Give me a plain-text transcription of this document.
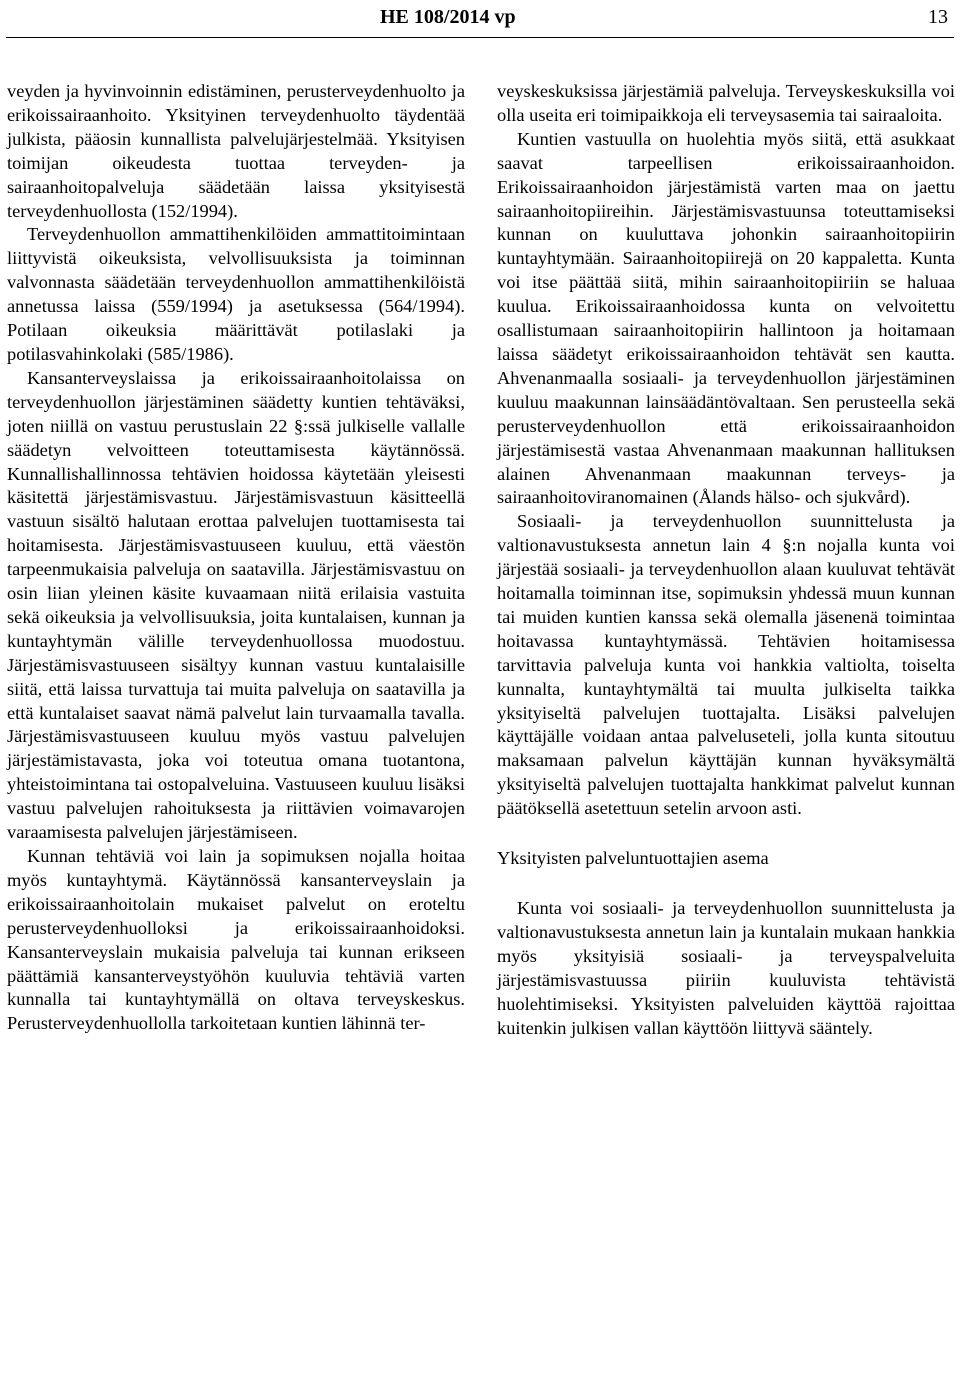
HE 108/2014 vp	13

veyden ja hyvinvoinnin edistäminen, perusterveydenhuolto ja erikoissairaanhoito. Yksityinen terveydenhuolto täydentää julkista, pääosin kunnallista palvelujärjestelmää. Yksityisen toimijan oikeudesta tuottaa terveyden- ja sairaanhoitopalveluja säädetään laissa yksityisestä terveydenhuollosta (152/1994).

Terveydenhuollon ammattihenkilöiden ammattitoimintaan liittyvistä oikeuksista, velvollisuuksista ja toiminnan valvonnasta säädetään terveydenhuollon ammattihenkilöistä annetussa laissa (559/1994) ja asetuksessa (564/1994). Potilaan oikeuksia määrittävät potilaslaki ja potilasvahinkolaki (585/1986).

Kansanterveyslaissa ja erikoissairaanhoitolaissa on terveydenhuollon järjestäminen säädetty kuntien tehtäväksi, joten niillä on vastuu perustuslain 22 §:ssä julkiselle vallalle säädetyn velvoitteen toteuttamisesta käytännössä. Kunnallishallinnossa tehtävien hoidossa käytetään yleisesti käsitettä järjestämisvastuu. Järjestämisvastuun käsitteellä vastuun sisältö halutaan erottaa palvelujen tuottamisesta tai hoitamisesta. Järjestämisvastuuseen kuuluu, että väestön tarpeenmukaisia palveluja on saatavilla. Järjestämisvastuu on osin liian yleinen käsite kuvaamaan niitä erilaisia vastuita sekä oikeuksia ja velvollisuuksia, joita kuntalaisen, kunnan ja kuntayhtymän välille terveydenhuollossa muodostuu. Järjestämisvastuuseen sisältyy kunnan vastuu kuntalaisille siitä, että laissa turvattuja tai muita palveluja on saatavilla ja että kuntalaiset saavat nämä palvelut lain turvaamalla tavalla. Järjestämisvastuuseen kuuluu myös vastuu palvelujen järjestämistavasta, joka voi toteutua omana tuotantona, yhteistoimintana tai ostopalveluina. Vastuuseen kuuluu lisäksi vastuu palvelujen rahoituksesta ja riittävien voimavarojen varaamisesta palvelujen järjestämiseen.

Kunnan tehtäviä voi lain ja sopimuksen nojalla hoitaa myös kuntayhtymä. Käytännössä kansanterveyslain ja erikoissairaanhoitolain mukaiset palvelut on eroteltu perusterveydenhuolloksi ja erikoissairaanhoidoksi. Kansanterveyslain mukaisia palveluja tai kunnan erikseen päättämiä kansanterveystyöhön kuuluvia tehtäviä varten kunnalla tai kuntayhtymällä on oltava terveyskeskus. Perusterveydenhuollolla tarkoitetaan kuntien lähinnä ter-

veyskeskuksissa järjestämiä palveluja. Terveyskeskuksilla voi olla useita eri toimipaikkoja eli terveysasemia tai sairaaloita.

Kuntien vastuulla on huolehtia myös siitä, että asukkaat saavat tarpeellisen erikoissairaanhoidon. Erikoissairaanhoidon järjestämistä varten maa on jaettu sairaanhoitopiireihin. Järjestämisvastuunsa toteuttamiseksi kunnan on kuuluttava johonkin sairaanhoitopiirin kuntayhtymään. Sairaanhoitopiirejä on 20 kappaletta. Kunta voi itse päättää siitä, mihin sairaanhoitopiiriin se haluaa kuulua. Erikoissairaanhoidossa kunta on velvoitettu osallistumaan sairaanhoitopiirin hallintoon ja hoitamaan laissa säädetyt erikoissairaanhoidon tehtävät sen kautta. Ahvenanmaalla sosiaali- ja terveydenhuollon järjestäminen kuuluu maakunnan lainsäädäntövaltaan. Sen perusteella sekä perusterveydenhuollon että erikoissairaanhoidon järjestämisestä vastaa Ahvenanmaan maakunnan hallituksen alainen Ahvenanmaan maakunnan terveys- ja sairaanhoitoviranomainen (Ålands hälso- och sjukvård).

Sosiaali- ja terveydenhuollon suunnittelusta ja valtionavustuksesta annetun lain 4 §:n nojalla kunta voi järjestää sosiaali- ja terveydenhuollon alaan kuuluvat tehtävät hoitamalla toiminnan itse, sopimuksin yhdessä muun kunnan tai muiden kuntien kanssa sekä olemalla jäsenenä toimintaa hoitavassa kuntayhtymässä. Tehtävien hoitamisessa tarvittavia palveluja kunta voi hankkia valtiolta, toiselta kunnalta, kuntayhtymältä tai muulta julkiselta taikka yksityiseltä palvelujen tuottajalta. Lisäksi palvelujen käyttäjälle voidaan antaa palveluseteli, jolla kunta sitoutuu maksamaan palvelun käyttäjän kunnan hyväksymältä yksityiseltä palvelujen tuottajalta hankkimat palvelut kunnan päätöksellä asetettuun setelin arvoon asti.

Yksityisten palveluntuottajien asema

Kunta voi sosiaali- ja terveydenhuollon suunnittelusta ja valtionavustuksesta annetun lain ja kuntalain mukaan hankkia myös yksityisiä sosiaali- ja terveyspalveluita järjestämisvastuussa piiriin kuuluvista tehtävistä huolehtimiseksi. Yksityisten palveluiden käyttöä rajoittaa kuitenkin julkisen vallan käyttöön liittyvä sääntely.
